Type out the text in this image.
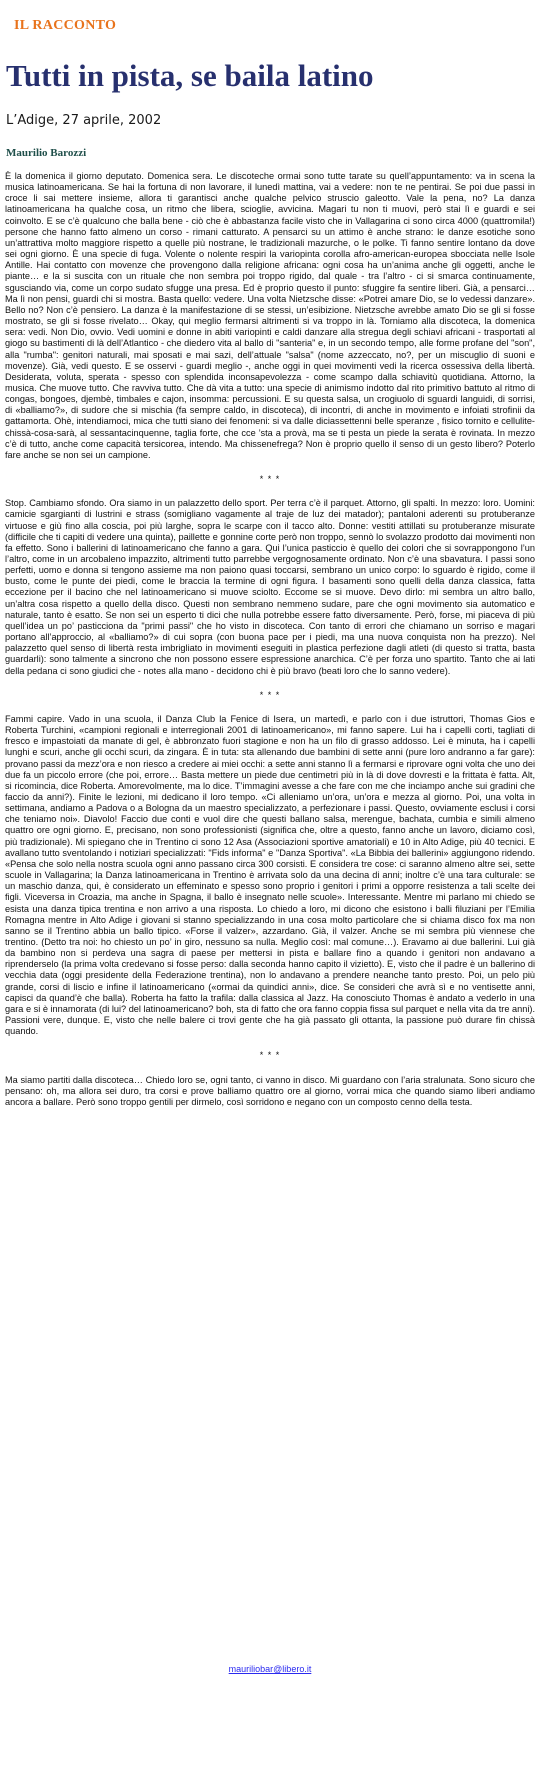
IL RACCONTO
Tutti in pista, se baila latino
L’Adige, 27 aprile, 2002
Maurilio Barozzi

È la domenica il giorno deputato. Domenica sera. Le discoteche ormai sono tutte tarate su quell’appuntamento: va in scena la musica latinoamericana. Se hai la fortuna di non lavorare, il lunedì mattina, vai a vedere: non te ne pentirai. Se poi due passi in croce li sai mettere insieme, allora ti garantisci anche qualche pelvico struscio galeotto. Vale la pena, no? La danza latinoamericana ha qualche cosa, un ritmo che libera, scioglie, avvicina. Magari tu non ti muovi, però stai lì e guardi e sei coinvolto. E se c’è qualcuno che balla bene - ciò che è abbastanza facile visto che in Vallagarina ci sono circa 4000 (quattromila!) persone che hanno fatto almeno un corso - rimani catturato. A pensarci su un attimo è anche strano: le danze esotiche sono un’attrattiva molto maggiore rispetto a quelle più nostrane, le tradizionali mazurche, o le polke. Ti fanno sentire lontano da dove sei ogni giorno. È una specie di fuga. Volente o nolente respiri la variopinta corolla afro-american-europea sbocciata nelle Isole Antille. Hai contatto con movenze che provengono dalla religione africana: ogni cosa ha un’anima anche gli oggetti, anche le piante… e la si suscita con un rituale che non sembra poi troppo rigido, dal quale - tra l’altro - ci si smarca continuamente, sgusciando via, come un corpo sudato sfugge una presa. Ed è proprio questo il punto: sfuggire fa sentire liberi. Già, a pensarci… Ma lì non pensi, guardi chi si mostra. Basta quello: vedere. Una volta Nietzsche disse: «Potrei amare Dio, se lo vedessi danzare». Bello no? Non c’è pensiero. La danza è la manifestazione di se stessi, un’esibizione. Nietzsche avrebbe amato Dio se gli si fosse mostrato, se gli si fosse rivelato… Okay, qui meglio fermarsi altrimenti si va troppo in là. Torniamo alla discoteca, la domenica sera: vedi. Non Dio, ovvio. Vedi uomini e donne in abiti variopinti e caldi danzare alla stregua degli schiavi africani - trasportati al giogo su bastimenti di là dell’Atlantico - che diedero vita al ballo di "santeria" e, in un secondo tempo, alle forme profane del "son", alla "rumba": genitori naturali, mai sposati e mai sazi, dell’attuale "salsa" (nome azzeccato, no?, per un miscuglio di suoni e movenze). Già, vedi questo. E se osservi - guardi meglio -, anche oggi in quei movimenti vedi la ricerca ossessiva della libertà. Desiderata, voluta, sperata - spesso con splendida inconsapevolezza - come scampo dalla schiavitù quotidiana. Attorno, la musica. Che muove tutto. Che ravviva tutto. Che dà vita a tutto: una specie di animismo indotto dal rito primitivo battuto al ritmo di congas, bongoes, djembè, timbales e cajon, insomma: percussioni. E su questa salsa, un crogiuolo di sguardi languidi, di sorrisi, di «balliamo?», di sudore che si mischia (fa sempre caldo, in discoteca), di incontri, di anche in movimento e infoiati strofinii da gattamorta. Ohè, intendiamoci, mica che tutti siano dei fenomeni: si va dalle diciassettenni belle speranze , fisico tornito e cellulite-chissà-cosa-sarà, al sessantacinquenne, taglia forte, che cce ’sta a provà, ma se ti pesta un piede la serata è rovinata. In mezzo c’è di tutto, anche come capacità tersicorea, intendo. Ma chissenefrega? Non è proprio quello il senso di un gesto libero? Poterlo fare anche se non sei un campione.

* * *

Stop. Cambiamo sfondo. Ora siamo in un palazzetto dello sport. Per terra c’è il parquet. Attorno, gli spalti. In mezzo: loro. Uomini: camicie sgargianti di lustrini e strass (somigliano vagamente al traje de luz dei matador); pantaloni aderenti su protuberanze virtuose e giù fino alla coscia, poi più larghe, sopra le scarpe con il tacco alto. Donne: vestiti attillati su protuberanze misurate (difficile che ti capiti di vedere una quinta), paillette e gonnine corte però non troppo, sennò lo svolazzo prodotto dai movimenti non fa effetto. Sono i ballerini di latinoamericano che fanno a gara. Qui l’unica pasticcio è quello dei colori che si sovrappongono l’un l’altro, come in un arcobaleno impazzito, altrimenti tutto parrebbe vergognosamente ordinato. Non c’è una sbavatura. I passi sono perfetti, uomo e donna si tengono assieme ma non paiono quasi toccarsi, sembrano un unico corpo: lo sguardo è rigido, come il busto, come le punte dei piedi, come le braccia la termine di ogni figura. I basamenti sono quelli della danza classica, fatta eccezione per il bacino che nel latinoamericano si muove sciolto. Eccome se si muove. Devo dirlo: mi sembra un altro ballo, un’altra cosa rispetto a quello della disco. Questi non sembrano nemmeno sudare, pare che ogni movimento sia automatico e naturale, tanto è esatto. Se non sei un esperto ti dici che nulla potrebbe essere fatto diversamente. Però, forse, mi piaceva di più quell’idea un po’ pasticciona da "primi passi" che ho visto in discoteca. Con tanto di errori che chiamano un sorriso e magari portano all’approccio, al «balliamo?» di cui sopra (con buona pace per i piedi, ma una nuova conquista non ha prezzo). Nel palazzetto quel senso di libertà resta imbrigliato in movimenti eseguiti in plastica perfezione dagli atleti (di questo si tratta, basta guardarli): sono talmente a sincrono che non possono essere espressione anarchica. C’è per forza uno spartito. Tanto che ai lati della pedana ci sono giudici che - notes alla mano - decidono chi è più bravo (beati loro che lo sanno vedere).

* * *

Fammi capire. Vado in una scuola, il Danza Club la Fenice di Isera, un martedì, e parlo con i due istruttori, Thomas Gios e Roberta Turchini, «campioni regionali e interregionali 2001 di latinoamericano», mi fanno sapere. Lui ha i capelli corti, tagliati di fresco e impastoiati da manate di gel, è abbronzato fuori stagione e non ha un filo di grasso addosso. Lei è minuta, ha i capelli lunghi e scuri, anche gli occhi scuri, da zingara. È in tuta: sta allenando due bambini di sette anni (pure loro andranno a far gare): provano passi da mezz’ora e non riesco a credere ai miei occhi: a sette anni stanno lì a fermarsi e riprovare ogni volta che uno dei due fa un piccolo errore (che poi, errore… Basta mettere un piede due centimetri più in là di dove dovresti e la frittata è fatta. Alt, si ricomincia, dice Roberta. Amorevolmente, ma lo dice. T’immagini avesse a che fare con me che inciampo anche sui gradini che faccio da anni?). Finite le lezioni, mi dedicano il loro tempo. «Ci alleniamo un’ora, un’ora e mezza al giorno. Poi, una volta in settimana, andiamo a Padova o a Bologna da un maestro specializzato, a perfezionare i passi. Questo, ovviamente esclusi i corsi che teniamo noi». Diavolo! Faccio due conti e vuol dire che questi ballano salsa, merengue, bachata, cumbia e simili almeno quattro ore ogni giorno. E, precisano, non sono professionisti (significa che, oltre a questo, fanno anche un lavoro, diciamo così, più tradizionale). Mi spiegano che in Trentino ci sono 12 Asa (Associazioni sportive amatoriali) e 10 in Alto Adige, più 40 tecnici. E avallano tutto sventolando i notiziari specializzati: "Fids informa" e "Danza Sportiva". «La Bibbia dei ballerini» aggiungono ridendo. «Pensa che solo nella nostra scuola ogni anno passano circa 300 corsisti. E considera tre cose: ci saranno almeno altre sei, sette scuole in Vallagarina; la Danza latinoamericana in Trentino è arrivata solo da una decina di anni; inoltre c’è una tara culturale: se un maschio danza, qui, è considerato un effeminato e spesso sono proprio i genitori i primi a opporre resistenza a tali scelte dei figli. Viceversa in Croazia, ma anche in Spagna, il ballo è insegnato nelle scuole». Interessante. Mentre mi parlano mi chiedo se esista una danza tipica trentina e non arrivo a una risposta. Lo chiedo a loro, mi dicono che esistono i balli filuziani per l’Emilia Romagna mentre in Alto Adige i giovani si stanno specializzando in una cosa molto particolare che si chiama disco fox ma non sanno se il Trentino abbia un ballo tipico. «Forse il valzer», azzardano. Già, il valzer. Anche se mi sembra più viennese che trentino. (Detto tra noi: ho chiesto un po’ in giro, nessuno sa nulla. Meglio così: mal comune…). Eravamo ai due ballerini. Lui già da bambino non si perdeva una sagra di paese per mettersi in pista e ballare fino a quando i genitori non andavano a riprenderselo (la prima volta credevano si fosse perso: dalla seconda hanno capito il vizietto). E, visto che il padre è un ballerino di vecchia data (oggi presidente della Federazione trentina), non lo andavano a prendere neanche tanto presto. Poi, un pelo più grande, corsi di liscio e infine il latinoamericano («ormai da quindici anni», dice. Se consideri che avrà sì e no ventisette anni, capisci da quand’è che balla). Roberta ha fatto la trafila: dalla classica al Jazz. Ha conosciuto Thomas è andato a vederlo in una gara e si è innamorata (di lui? del latinoamericano? boh, sta di fatto che ora fanno coppia fissa sul parquet e nella vita da tre anni). Passioni vere, dunque. E, visto che nelle balere ci trovi gente che ha già passato gli ottanta, la passione può durare fin chissà quando.

* * *

Ma siamo partiti dalla discoteca… Chiedo loro se, ogni tanto, ci vanno in disco. Mi guardano con l’aria stralunata. Sono sicuro che pensano: oh, ma allora sei duro, tra corsi e prove balliamo quattro ore al giorno, vorrai mica che quando siamo liberi andiamo ancora a ballare. Però sono troppo gentili per dirmelo, così sorridono e negano con un composto cenno della testa.

mauriliobar@libero.it
